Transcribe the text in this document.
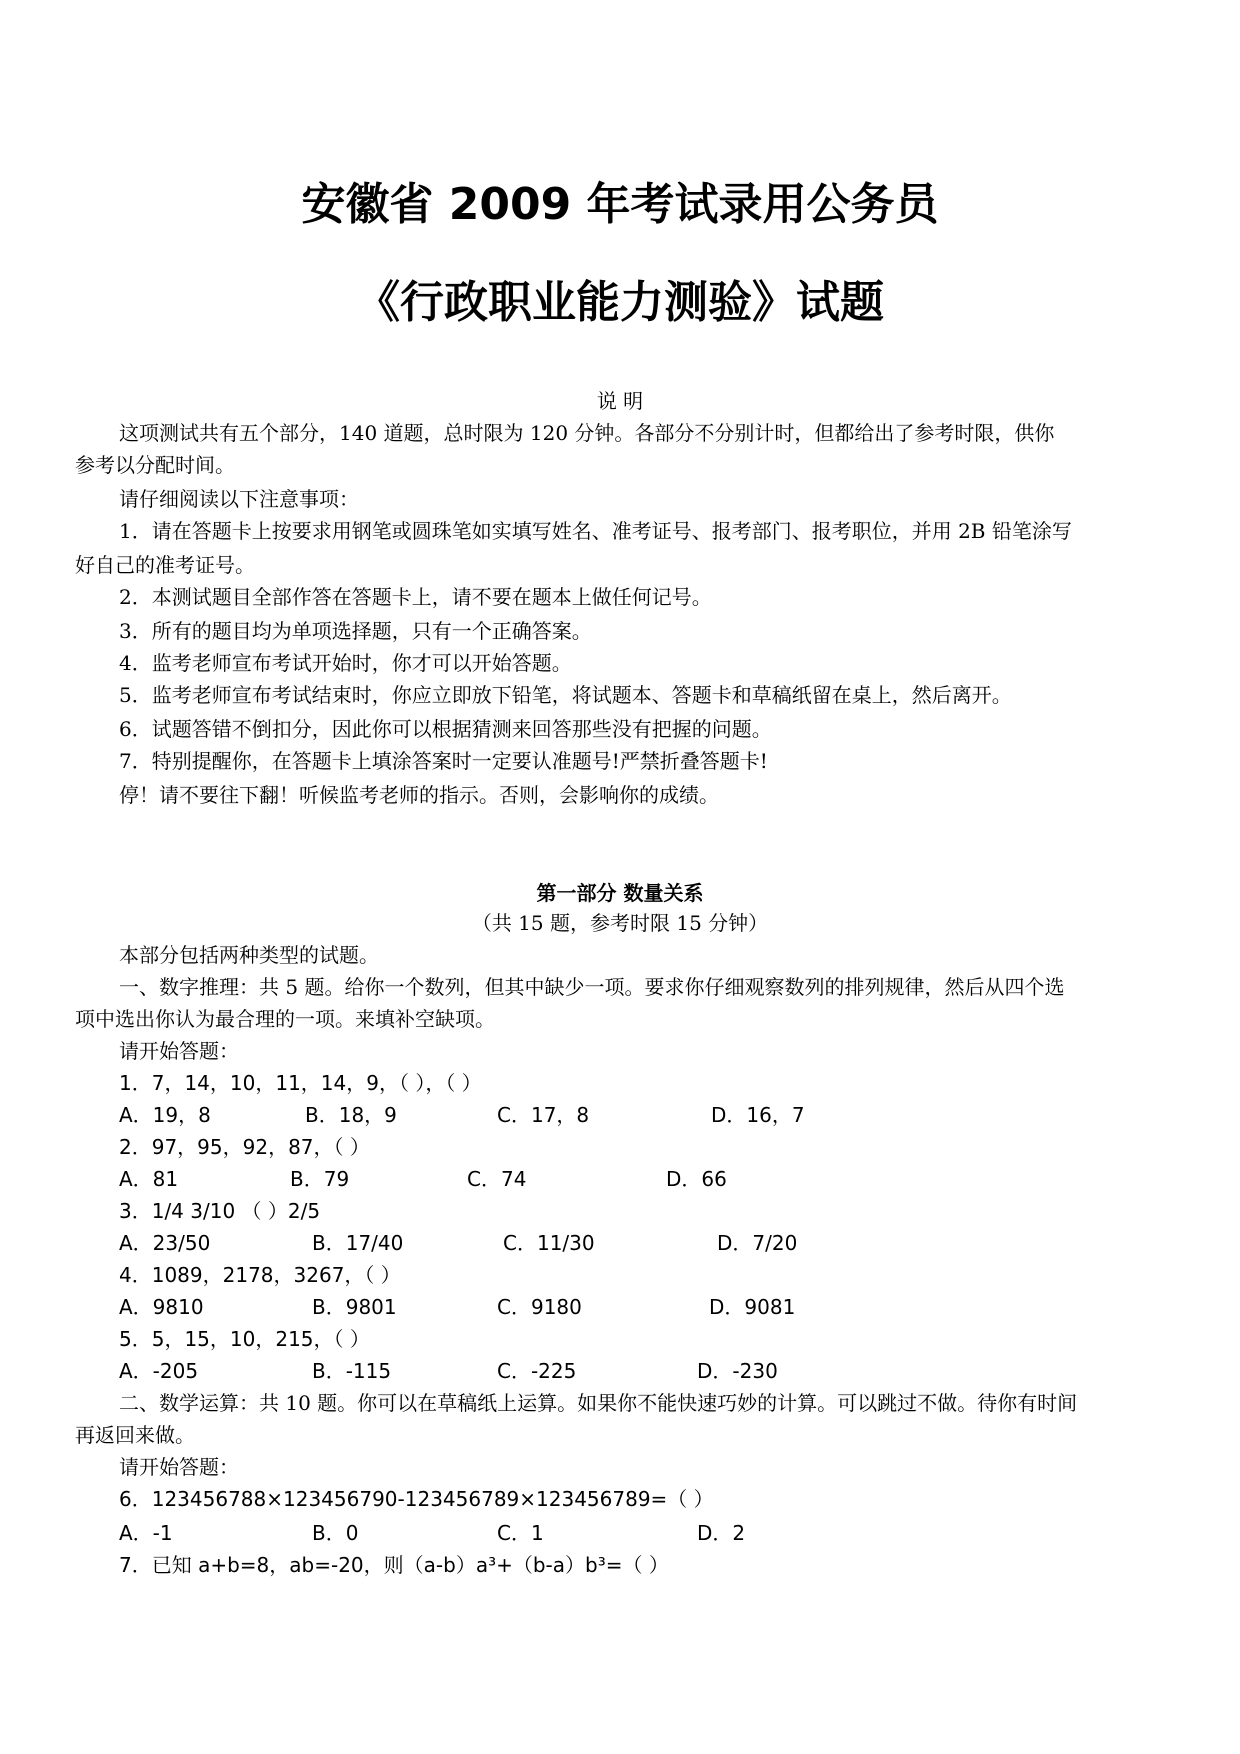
安徽省 2009 年考试录用公务员
《行政职业能力测验》试题
说 明
这项测试共有五个部分，140 道题，总时限为 120 分钟。各部分不分别计时，但都给出了参考时限，供你
参考以分配时间。
请仔细阅读以下注意事项：
1．请在答题卡上按要求用钢笔或圆珠笔如实填写姓名、准考证号、报考部门、报考职位，并用 2B 铅笔涂写
好自己的准考证号。
2．本测试题目全部作答在答题卡上，请不要在题本上做任何记号。
3．所有的题目均为单项选择题，只有一个正确答案。
4．监考老师宣布考试开始时，你才可以开始答题。
5．监考老师宣布考试结束时，你应立即放下铅笔，将试题本、答题卡和草稿纸留在桌上，然后离开。
6．试题答错不倒扣分，因此你可以根据猜测来回答那些没有把握的问题。
7．特别提醒你，在答题卡上填涂答案时一定要认准题号!严禁折叠答题卡!
停！请不要往下翻！听候监考老师的指示。否则，会影响你的成绩。
第一部分 数量关系
（共 15 题，参考时限 15 分钟）
本部分包括两种类型的试题。
一、数字推理：共 5 题。给你一个数列，但其中缺少一项。要求你仔细观察数列的排列规律，然后从四个选
项中选出你认为最合理的一项。来填补空缺项。
请开始答题：
1．7，14，10，11，14，9，（ ），（ ）
A．19，8	B．18，9	C．17，8	D．16，7
2．97，95，92，87，（ ）
A．81	B．79	C．74	D．66
3．1/4 3/10 （ ）2/5
A．23/50	B．17/40	C．11/30	D．7/20
4．1089，2178，3267，（ ）
A．9810	B．9801	C．9180	D．9081
5．5，15，10，215，（ ）
A．-205	B．-115	C．-225	D．-230
二、数学运算：共 10 题。你可以在草稿纸上运算。如果你不能快速巧妙的计算。可以跳过不做。待你有时间
再返回来做。
请开始答题：
6．123456788×123456790-123456789×123456789=（ ）
A．-1	B．0	C．1	D．2
7．已知 a+b=8，ab=-20，则（a-b）a³+（b-a）b³=（ ）
